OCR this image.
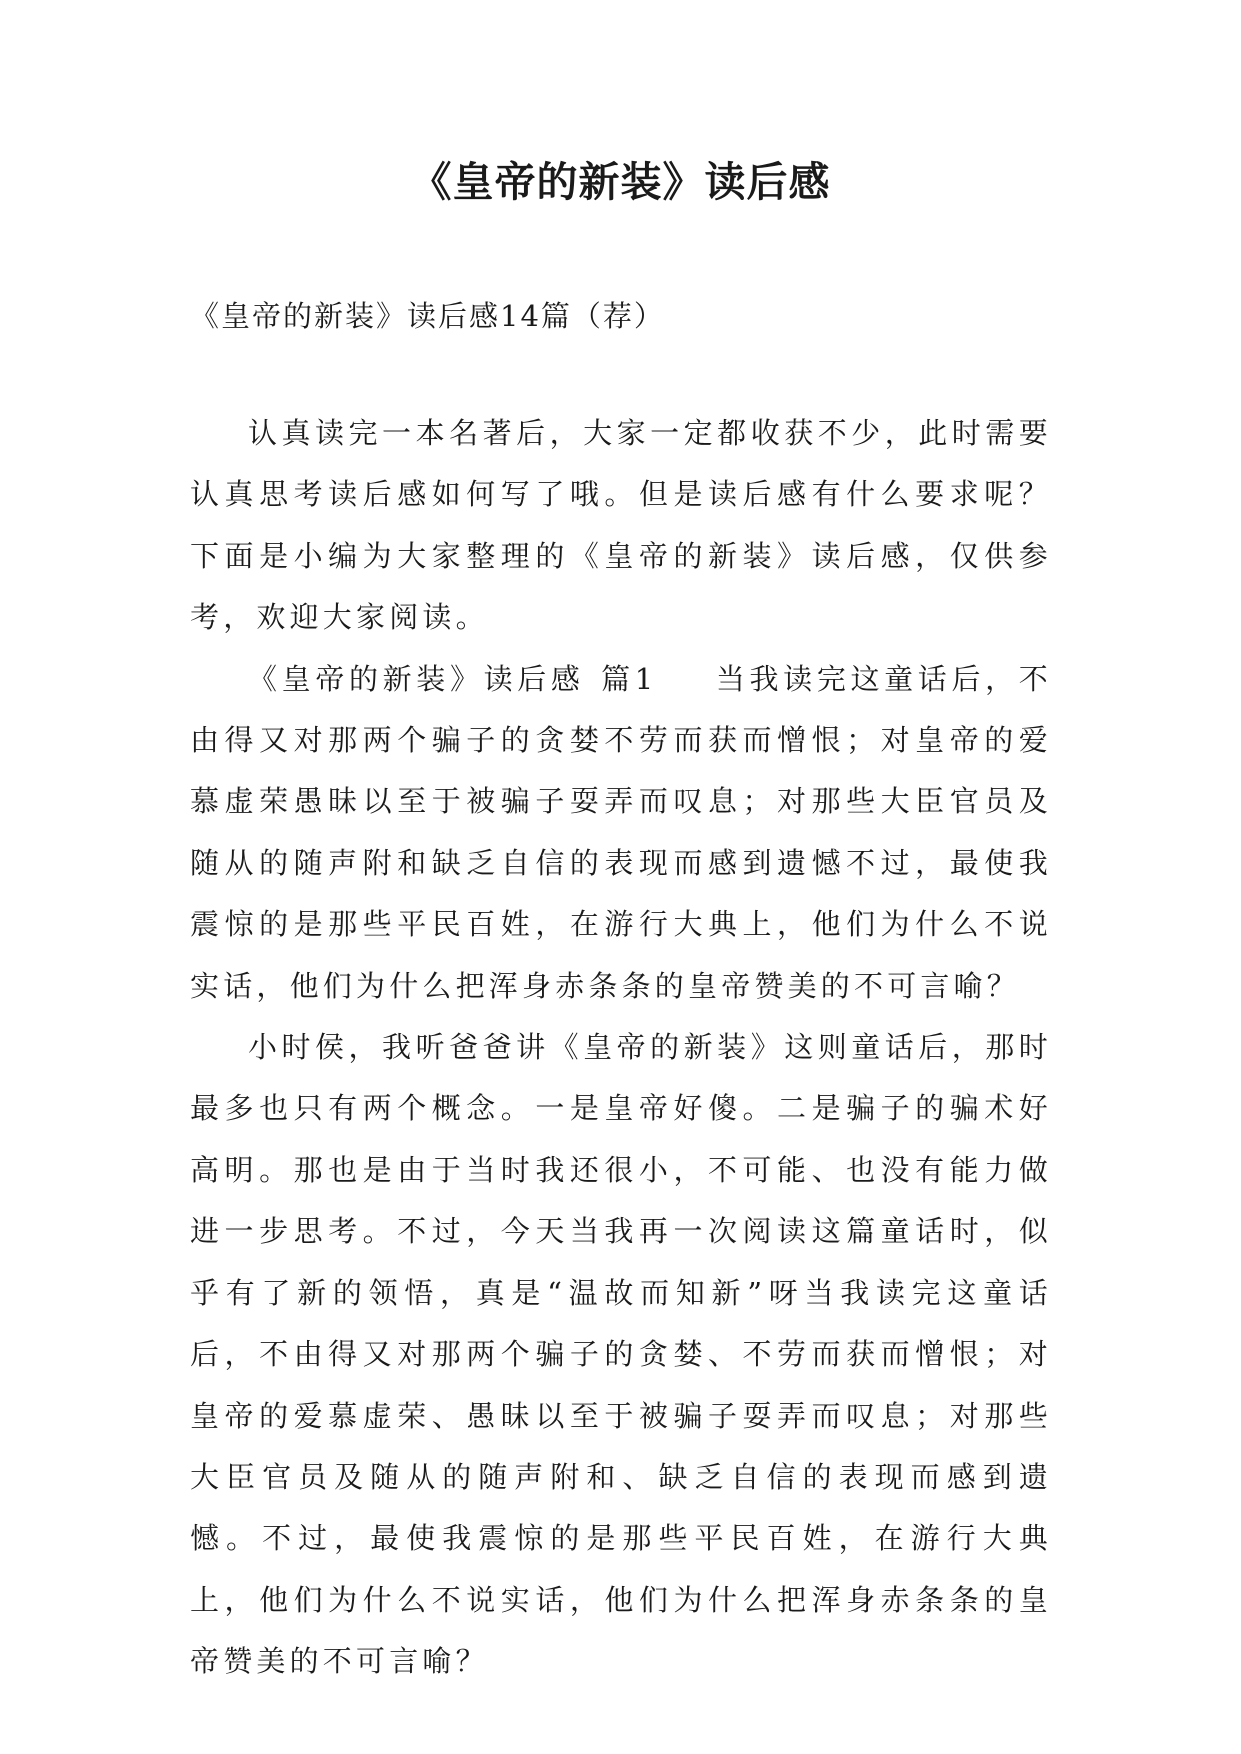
《皇帝的新装》读后感

《皇帝的新装》读后感14篇（荐）

认真读完一本名著后，大家一定都收获不少，此时需要认真思考读后感如何写了哦。但是读后感有什么要求呢？下面是小编为大家整理的《皇帝的新装》读后感，仅供参考，欢迎大家阅读。

《皇帝的新装》读后感 篇1 当我读完这童话后，不由得又对那两个骗子的贪婪不劳而获而憎恨；对皇帝的爱慕虚荣愚昧以至于被骗子耍弄而叹息；对那些大臣官员及随从的随声附和缺乏自信的表现而感到遗憾不过，最使我震惊的是那些平民百姓，在游行大典上，他们为什么不说实话，他们为什么把浑身赤条条的皇帝赞美的不可言喻？

小时侯，我听爸爸讲《皇帝的新装》这则童话后，那时最多也只有两个概念。一是皇帝好傻。二是骗子的骗术好高明。那也是由于当时我还很小，不可能、也没有能力做进一步思考。不过，今天当我再一次阅读这篇童话时，似乎有了新的领悟，真是“温故而知新”呀当我读完这童话后，不由得又对那两个骗子的贪婪、不劳而获而憎恨；对皇帝的爱慕虚荣、愚昧以至于被骗子耍弄而叹息；对那些大臣官员及随从的随声附和、缺乏自信的表现而感到遗憾。不过，最使我震惊的是那些平民百姓，在游行大典上，他们为什么不说实话，他们为什么把浑身赤条条的皇帝赞美的不可言喻？
